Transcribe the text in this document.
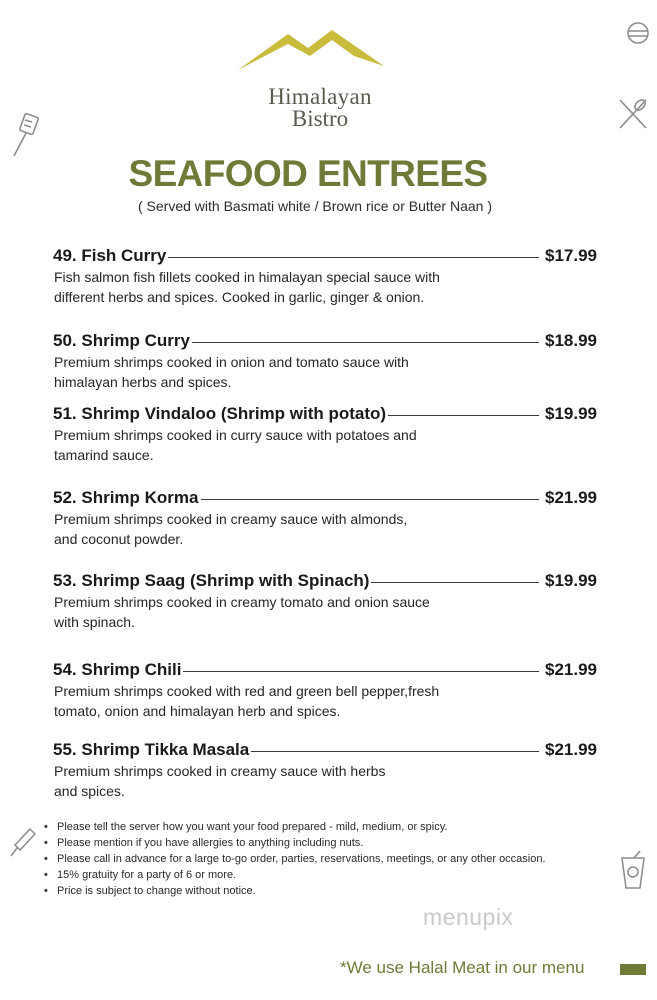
Himalayan
Bistro
SEAFOOD ENTREES
( Served with Basmati white / Brown rice or Butter Naan )
49. Fish Curry	$17.99
Fish salmon fish fillets cooked in himalayan special sauce with
different herbs and spices. Cooked in garlic, ginger & onion.
50. Shrimp Curry	$18.99
Premium shrimps cooked in onion and tomato sauce with
himalayan herbs and spices.
51. Shrimp Vindaloo (Shrimp with potato)	$19.99
Premium shrimps cooked in curry sauce with potatoes and
tamarind sauce.
52. Shrimp Korma	$21.99
Premium shrimps cooked in creamy sauce with almonds,
and coconut powder.
53. Shrimp Saag (Shrimp with Spinach)	$19.99
Premium shrimps cooked in creamy tomato and onion sauce
with spinach.
54. Shrimp Chili	$21.99
Premium shrimps cooked with red and green bell pepper,fresh
tomato, onion and himalayan herb and spices.
55. Shrimp Tikka Masala	$21.99
Premium shrimps cooked in creamy sauce with herbs
and spices.
• Please tell the server how you want your food prepared - mild, medium, or spicy.
• Please mention if you have allergies to anything including nuts.
• Please call in advance for a large to-go order, parties, reservations, meetings, or any other occasion.
• 15% gratuity for a party of 6 or more.
• Price is subject to change without notice.
menupix
*We use Halal Meat in our menu
